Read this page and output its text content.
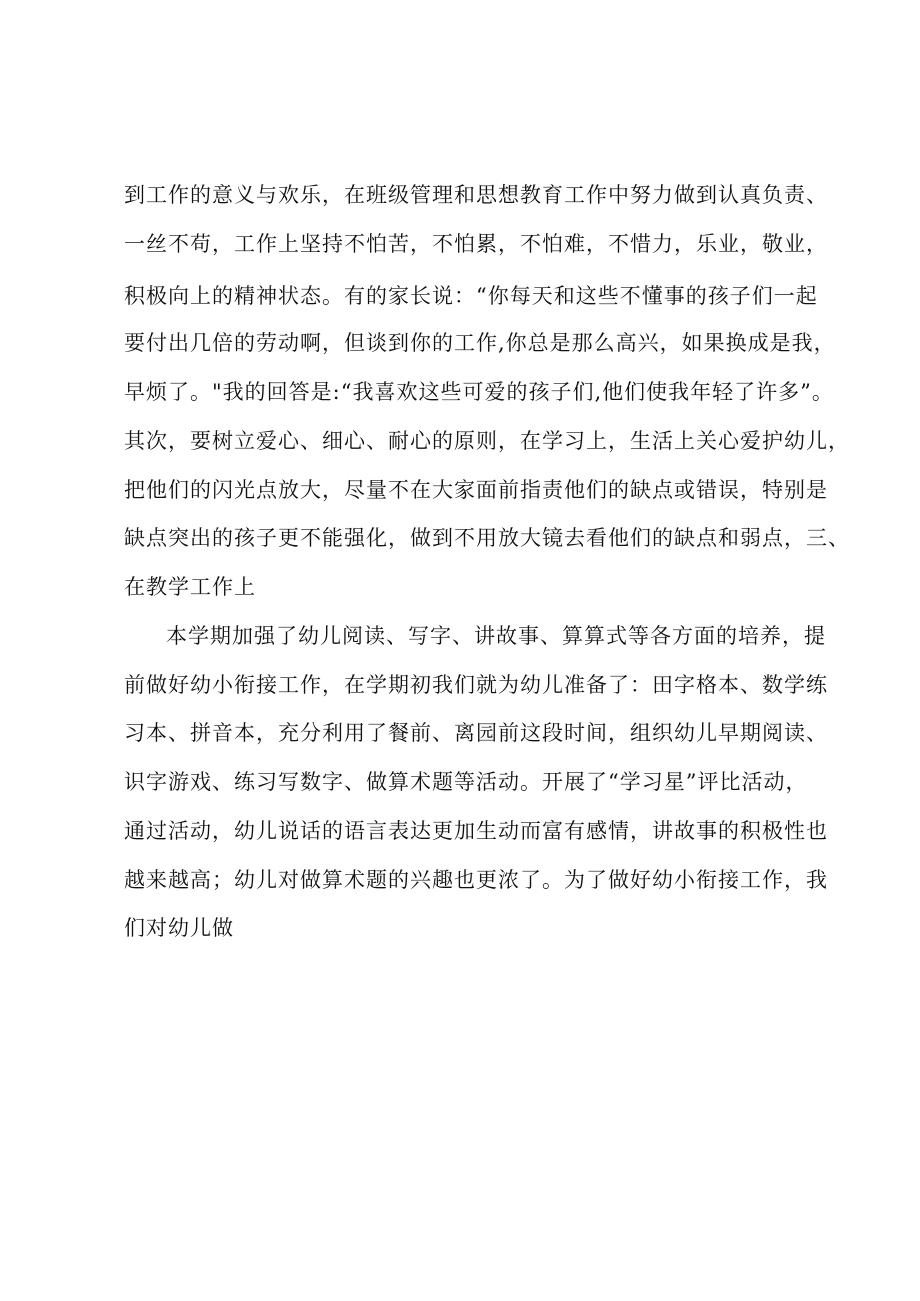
到工作的意义与欢乐，在班级管理和思想教育工作中努力做到认真负责、
一丝不苟，工作上坚持不怕苦，不怕累，不怕难，不惜力，乐业，敬业，
积极向上的精神状态。有的家长说：“你每天和这些不懂事的孩子们一起
要付出几倍的劳动啊，但谈到你的工作,你总是那么高兴，如果换成是我，
早烦了。"我的回答是:“我喜欢这些可爱的孩子们,他们使我年轻了许多”。
其次，要树立爱心、细心、耐心的原则，在学习上，生活上关心爱护幼儿，
把他们的闪光点放大，尽量不在大家面前指责他们的缺点或错误，特别是
缺点突出的孩子更不能强化，做到不用放大镜去看他们的缺点和弱点，三、
在教学工作上
本学期加强了幼儿阅读、写字、讲故事、算算式等各方面的培养，提
前做好幼小衔接工作，在学期初我们就为幼儿准备了：田字格本、数学练
习本、拼音本，充分利用了餐前、离园前这段时间，组织幼儿早期阅读、
识字游戏、练习写数字、做算术题等活动。开展了“学习星”评比活动，
通过活动，幼儿说话的语言表达更加生动而富有感情，讲故事的积极性也
越来越高；幼儿对做算术题的兴趣也更浓了。为了做好幼小衔接工作，我
们对幼儿做
